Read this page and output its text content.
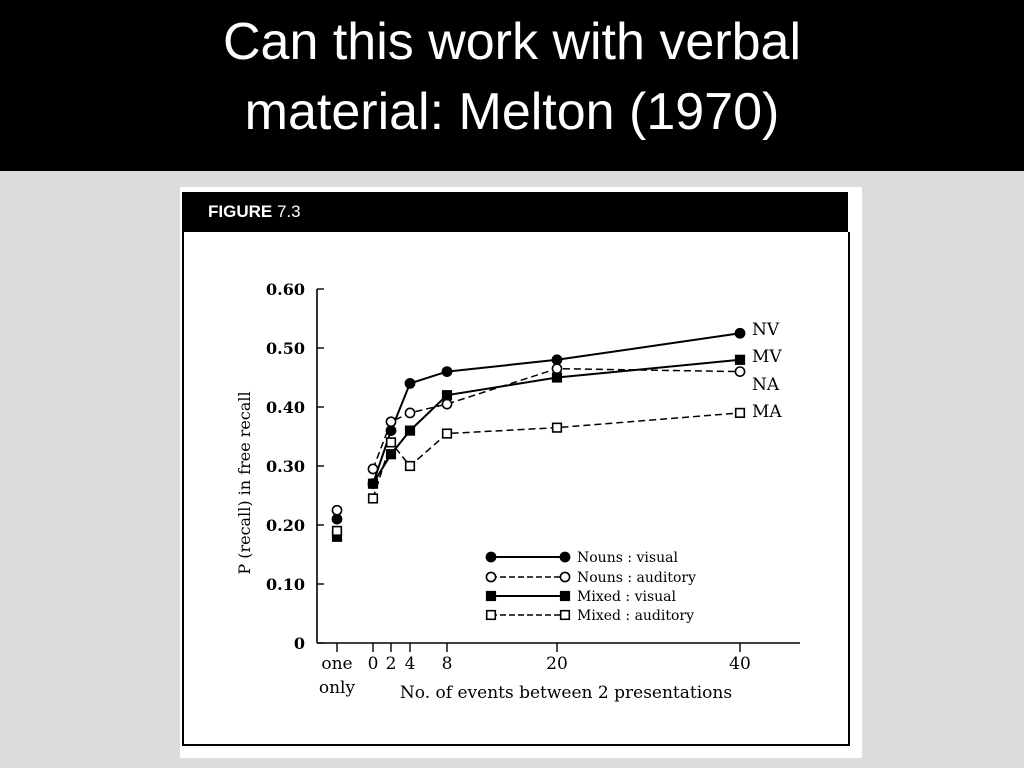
Can this work with verbal
material: Melton (1970)
FIGURE 7.3
0
0.10
0.20
0.30
0.40
0.50
0.60
P (recall) in free recall
one
only
0 2 4 8	20	40
No. of events between 2 presentations
NV
NA
MV
MA
Nouns : visual
Nouns : auditory
Mixed : visual
Mixed : auditory
